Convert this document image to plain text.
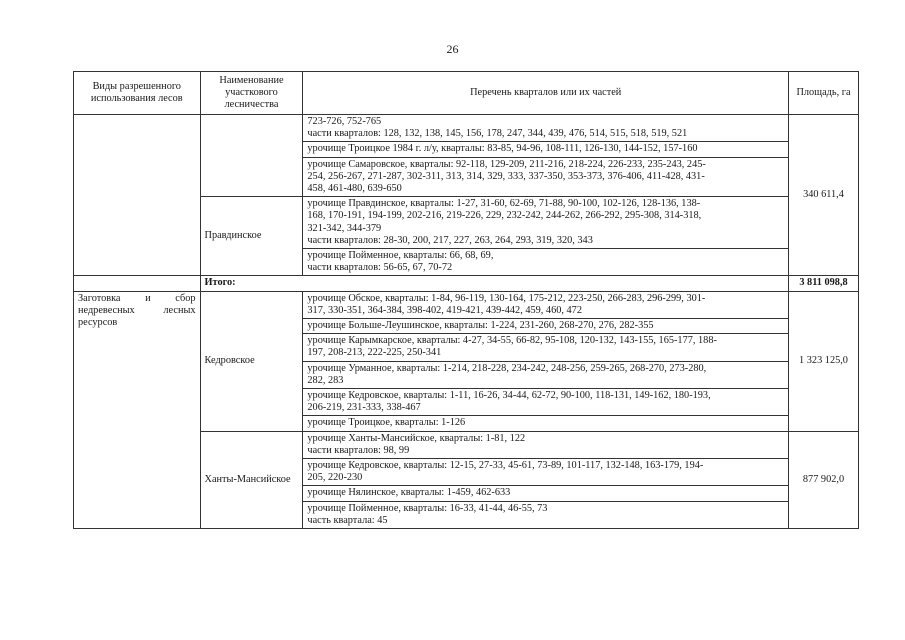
26
Виды разрешенного использования лесов	Наименование участкового лесничества	Перечень кварталов или их частей	Площадь, га

		723-726, 752-765
части кварталов: 128, 132, 138, 145, 156, 178, 247, 344, 439, 476, 514, 515, 518, 519, 521	340 611,4

		урочище Троицкое 1984 г. л/у, кварталы: 83-85, 94-96, 108-111, 126-130, 144-152, 157-160	

		урочище Самаровское, кварталы: 92-118, 129-209, 211-216, 218-224, 226-233, 235-243, 245-
254, 256-267, 271-287, 302-311, 313, 314, 329, 333, 337-350, 353-373, 376-406, 411-428, 431-
458, 461-480, 639-650	

	Правдинское	урочище Правдинское, кварталы: 1-27, 31-60, 62-69, 71-88, 90-100, 102-126, 128-136, 138-
168, 170-191, 194-199, 202-216, 219-226, 229, 232-242, 244-262, 266-292, 295-308, 314-318,
321-342, 344-379
части кварталов: 28-30, 200, 217, 227, 263, 264, 293, 319, 320, 343	

		урочище Пойменное, кварталы: 66, 68, 69,
части кварталов: 56-65, 67, 70-72	

	Итого:		3 811 098,8
Заготовка и сбор недревесных лесных ресурсов	Кедровское	урочище Обское, кварталы: 1-84, 96-119, 130-164, 175-212, 223-250, 266-283, 296-299, 301-
317, 330-351, 364-384, 398-402, 419-421, 439-442, 459, 460, 472	1 323 125,0

		урочище Больше-Леушинское, кварталы: 1-224, 231-260, 268-270, 276, 282-355	

		урочище Карымкарское, кварталы: 4-27, 34-55, 66-82, 95-108, 120-132, 143-155, 165-177, 188-
197, 208-213, 222-225, 250-341	

		урочище Урманное, кварталы: 1-214, 218-228, 234-242, 248-256, 259-265, 268-270, 273-280,
282, 283	

		урочище Кедровское, кварталы: 1-11, 16-26, 34-44, 62-72, 90-100, 118-131, 149-162, 180-193,
206-219, 231-333, 338-467	

		урочище Троицкое, кварталы: 1-126	

	Ханты-Мансийское	урочище Ханты-Мансийское, кварталы: 1-81, 122
части кварталов: 98, 99	877 902,0

		урочище Кедровское, кварталы: 12-15, 27-33, 45-61, 73-89, 101-117, 132-148, 163-179, 194-
205, 220-230	

		урочище Нялинское, кварталы: 1-459, 462-633	

		урочище Пойменное, кварталы: 16-33, 41-44, 46-55, 73
часть квартала: 45	
